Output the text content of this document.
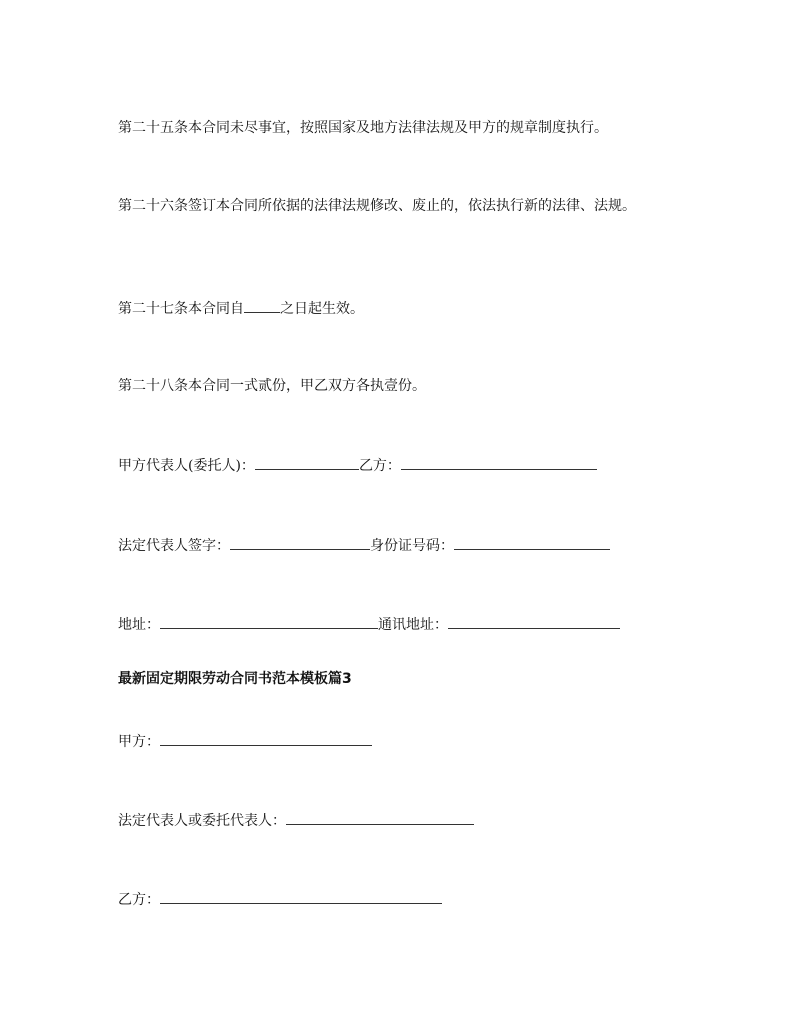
第二十五条本合同未尽事宜，按照国家及地方法律法规及甲方的规章制度执行。
第二十六条签订本合同所依据的法律法规修改、废止的，依法执行新的法律、法规。
第二十七条本合同自	之日起生效。
第二十八条本合同一式贰份，甲乙双方各执壹份。
甲方代表人(委托人)：	乙方：
法定代表人签字：	身份证号码：
地址：	通讯地址：
最新固定期限劳动合同书范本模板篇3
甲方：
法定代表人或委托代表人：
乙方：
